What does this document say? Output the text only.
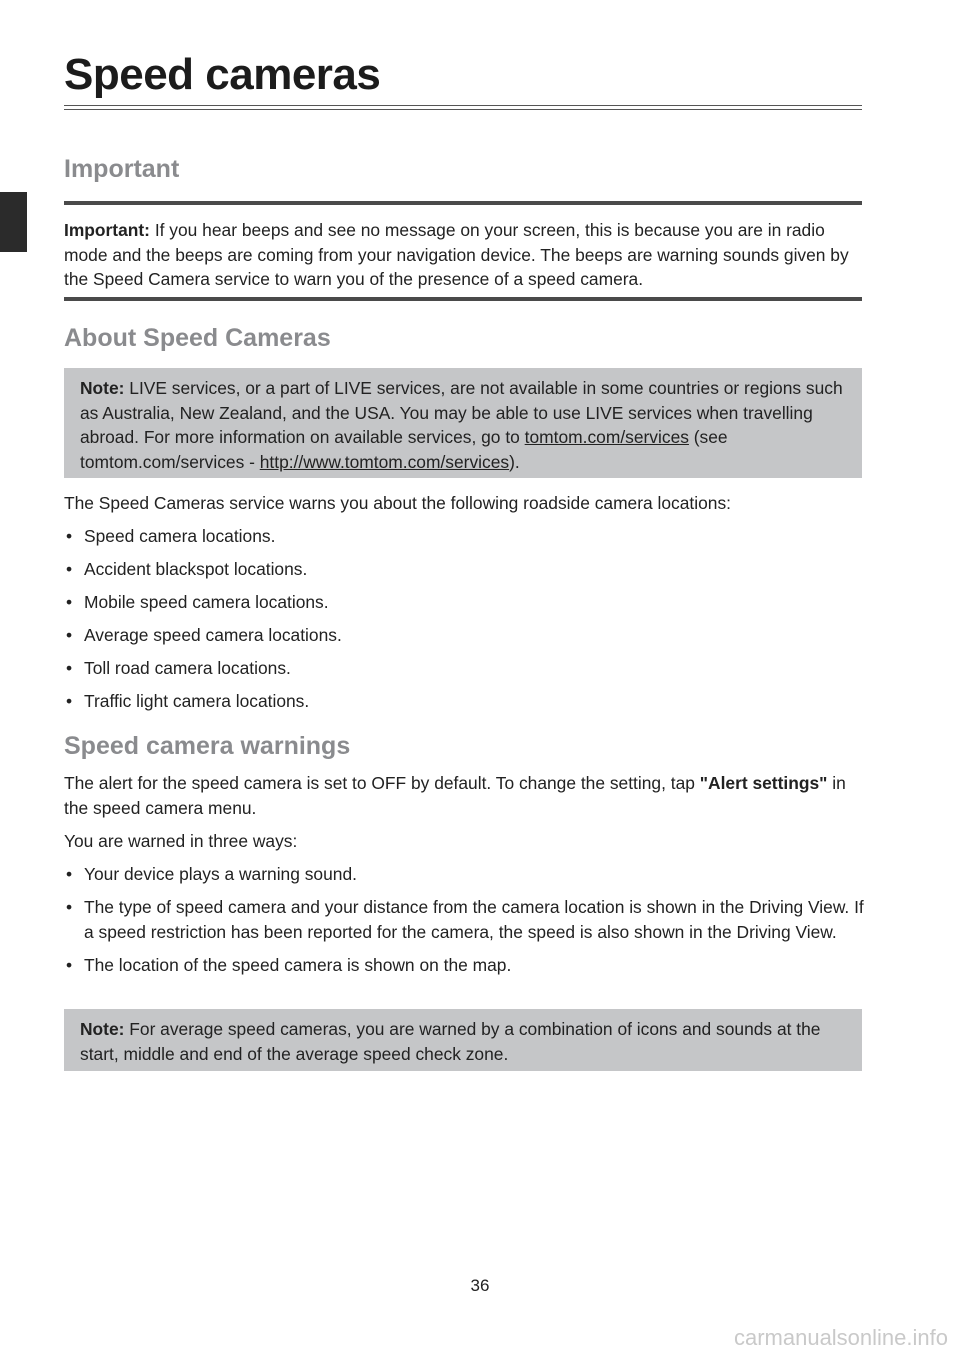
Speed cameras
Important

Important: If you hear beeps and see no message on your screen, this is because you are in radio mode and the beeps are coming from your navigation device. The beeps are warning sounds given by the Speed Camera service to warn you of the presence of a speed camera.

About Speed Cameras
Note: LIVE services, or a part of LIVE services, are not available in some countries or regions such as Australia, New Zealand, and the USA. You may be able to use LIVE services when travelling abroad. For more information on available services, go to tomtom.com/services (see tomtom.com/services - http://www.tomtom.com/services).

The Speed Cameras service warns you about the following roadside camera locations:

• Speed camera locations.
• Accident blackspot locations.
• Mobile speed camera locations.
• Average speed camera locations.
• Toll road camera locations.
• Traffic light camera locations.
Speed camera warnings

The alert for the speed camera is set to OFF by default. To change the setting, tap "Alert settings" in the speed camera menu.

You are warned in three ways:

• Your device plays a warning sound.
• The type of speed camera and your distance from the camera location is shown in the Driving View. If a speed restriction has been reported for the camera, the speed is also shown in the Driving View.
• The location of the speed camera is shown on the map.
Note: For average speed cameras, you are warned by a combination of icons and sounds at the start, middle and end of the average speed check zone.
36
carmanualsonline.info
